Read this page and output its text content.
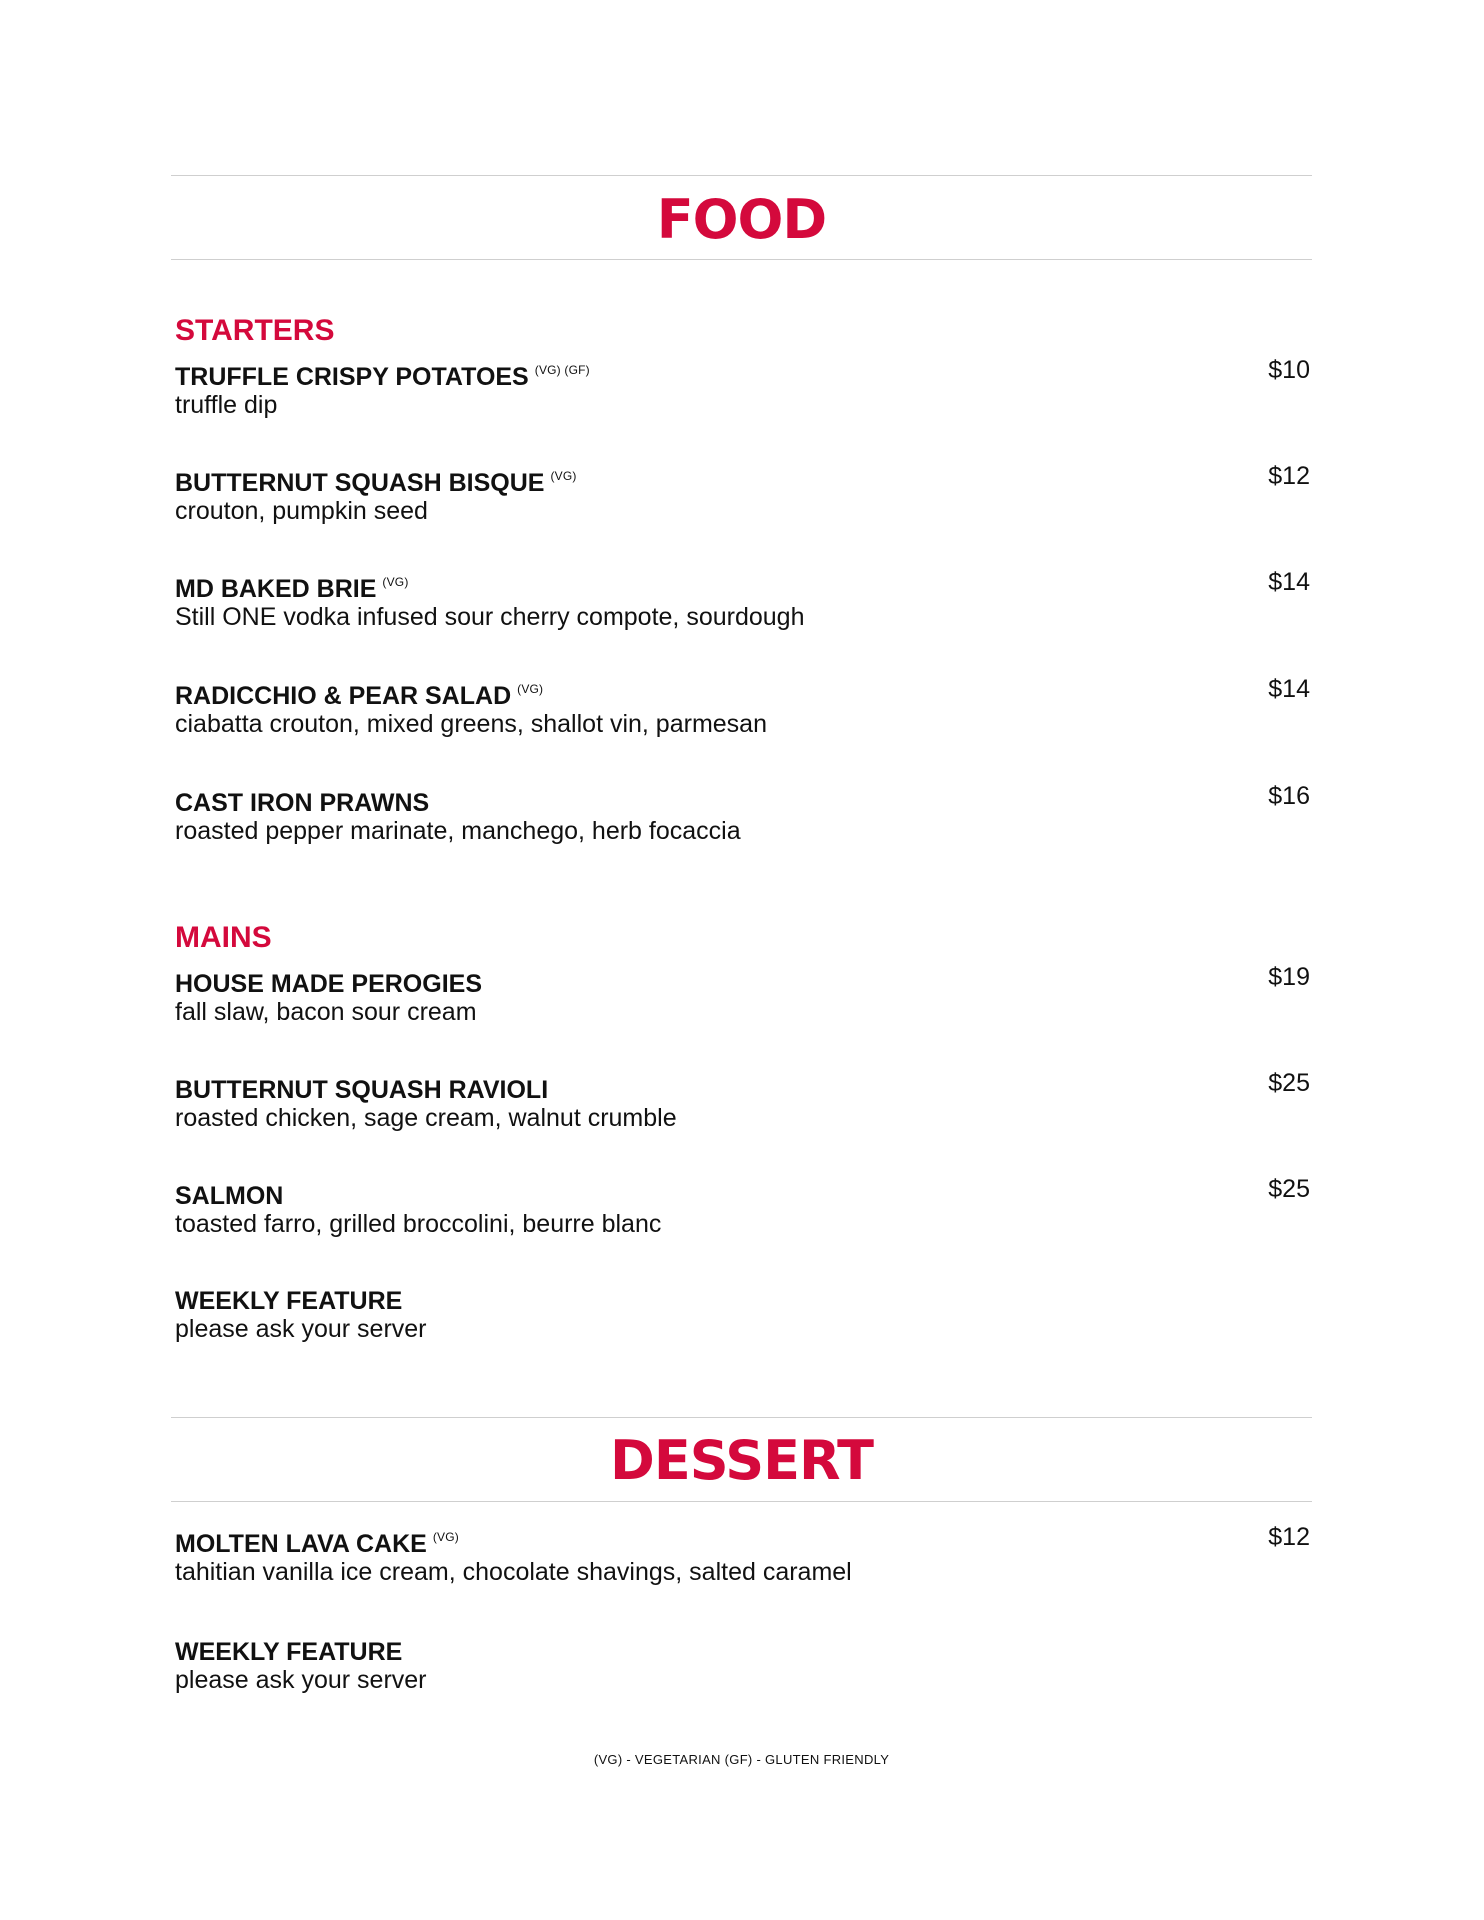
FOOD
STARTERS
TRUFFLE CRISPY POTATOES $^{(VG) (GF)}$
truffle dip
$10
BUTTERNUT SQUASH BISQUE $^{(VG)}$
crouton, pumpkin seed
$12
MD BAKED BRIE $^{(VG)}$
Still ONE vodka infused sour cherry compote, sourdough
$14
RADICCHIO & PEAR SALAD $^{(VG)}$
ciabatta crouton, mixed greens, shallot vin, parmesan
$14
CAST IRON PRAWNS
roasted pepper marinate, manchego, herb focaccia
$16
MAINS
HOUSE MADE PEROGIES
fall slaw, bacon sour cream
$19
BUTTERNUT SQUASH RAVIOLI
roasted chicken, sage cream, walnut crumble
$25
SALMON
toasted farro, grilled broccolini, beurre blanc
$25
WEEKLY FEATURE
please ask your server
DESSERT
MOLTEN LAVA CAKE $^{(VG)}$
tahitian vanilla ice cream, chocolate shavings, salted caramel
$12
WEEKLY FEATURE
please ask your server
(VG) - VEGETARIAN (GF) - GLUTEN FRIENDLY
